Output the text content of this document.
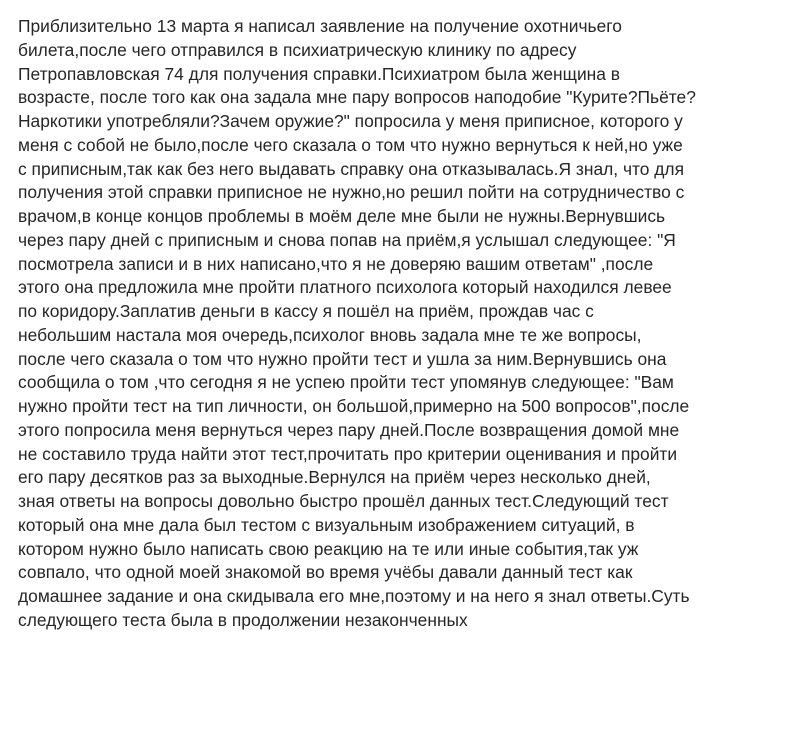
Приблизительно 13 марта я написал заявление на получение охотничьего
билета,после чего отправился в психиатрическую клинику по адресу
Петропавловская 74 для получения справки.Психиатром была женщина в
возрасте, после того как она задала мне пару вопросов наподобие "Курите?Пьёте?
Наркотики употребляли?Зачем оружие?" попросила у меня приписное, которого у
меня с собой не было,после чего сказала о том что нужно вернуться к ней,но уже
с приписным,так как без него выдавать справку она отказывалась.Я знал, что для
получения этой справки приписное не нужно,но решил пойти на сотрудничество с
врачом,в конце концов проблемы в моём деле мне были не нужны.Вернувшись
через пару дней с приписным и снова попав на приём,я услышал следующее: "Я
посмотрела записи и в них написано,что я не доверяю вашим ответам" ,после
этого она предложила мне пройти платного психолога который находился левее
по коридору.Заплатив деньги в кассу я пошёл на приём, прождав час с
небольшим настала моя очередь,психолог вновь задала мне те же вопросы,
после чего сказала о том что нужно пройти тест и ушла за ним.Вернувшись она
сообщила о том ,что сегодня я не успею пройти тест упомянув следующее: "Вам
нужно пройти тест на тип личности, он большой,примерно на 500 вопросов",после
этого попросила меня вернуться через пару дней.После возвращения домой мне
не составило труда найти этот тест,прочитать про критерии оценивания и пройти
его пару десятков раз за выходные.Вернулся на приём через несколько дней,
зная ответы на вопросы довольно быстро прошёл данных тест.Следующий тест
который она мне дала был тестом с визуальным изображением ситуаций, в
котором нужно было написать свою реакцию на те или иные события,так уж
совпало, что одной моей знакомой во время учёбы давали данный тест как
домашнее задание и она скидывала его мне,поэтому и на него я знал ответы.Суть
следующего теста была в продолжении незаконченных
